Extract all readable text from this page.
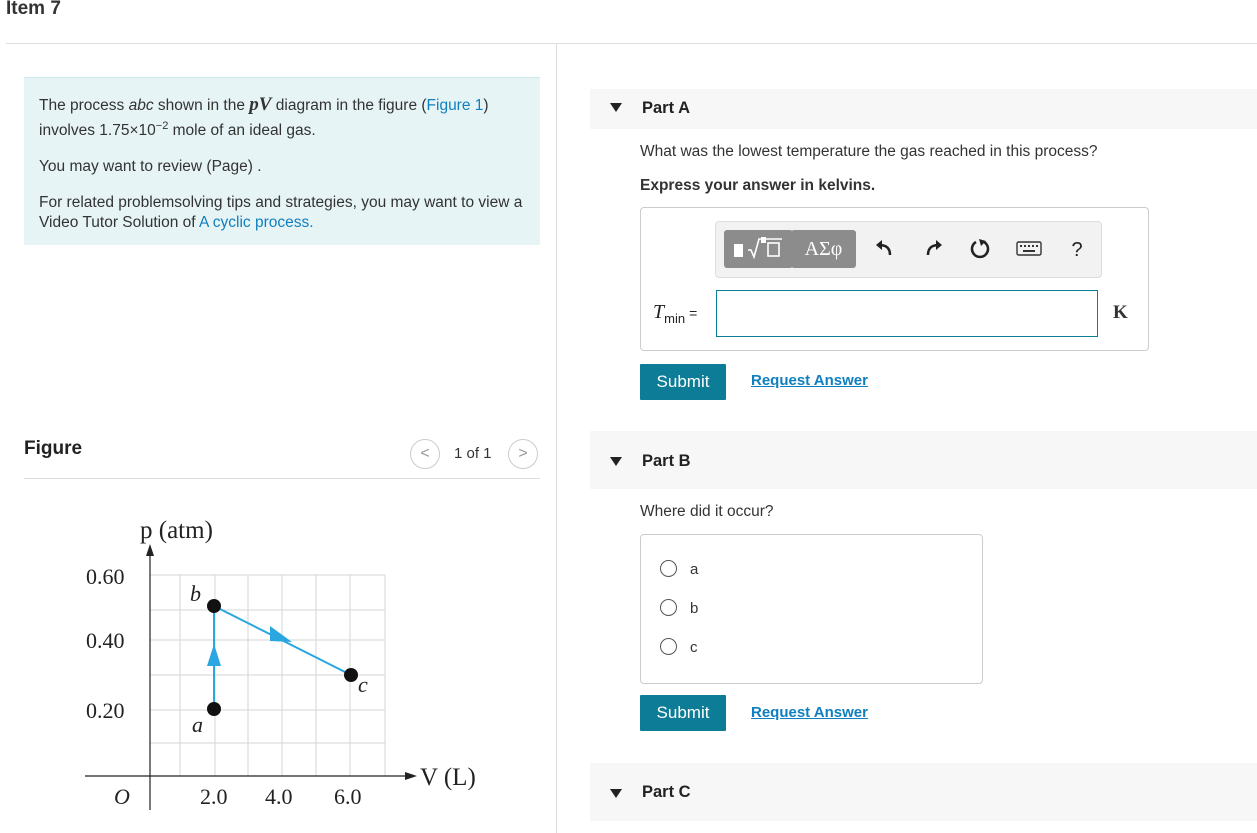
Item 7

The process abc shown in the pV diagram in the figure (Figure 1)
involves $1.75\times 10^{-2}$ mole of an ideal gas.

You may want to review (Page) .

For related problemsolving tips and strategies, you may want to view a Video Tutor Solution of A cyclic process.

Figure	<	1 of 1	>
p (atm)
V (L)
0.60
0.40
0.20
O	2.0 4.0 6.0
a
b
c
Part A
What was the lowest temperature the gas reached in this process?
Express your answer in kelvins.
ΑΣφ	?
$T_{min}$ =	K
Submit	Request Answer
Part B
Where did it occur?
a
b
c
Submit	Request Answer
Part C
